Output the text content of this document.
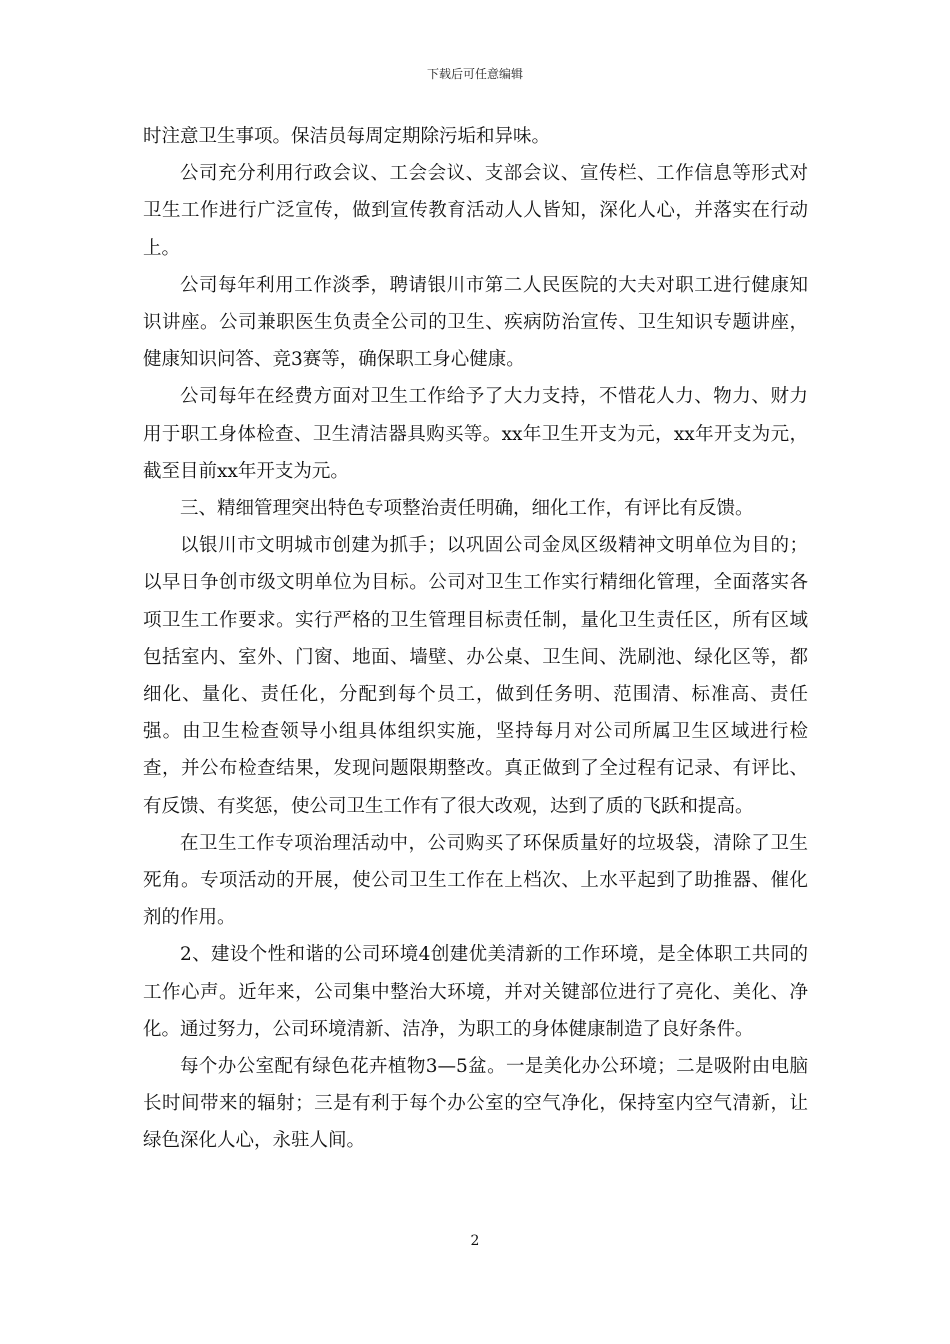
下载后可任意编辑

时注意卫生事项。保洁员每周定期除污垢和异味。

公司充分利用行政会议、工会会议、支部会议、宣传栏、工作信息等形式对卫生工作进行广泛宣传，做到宣传教育活动人人皆知，深化人心，并落实在行动上。

公司每年利用工作淡季，聘请银川市第二人民医院的大夫对职工进行健康知识讲座。公司兼职医生负责全公司的卫生、疾病防治宣传、卫生知识专题讲座，健康知识问答、竞3赛等，确保职工身心健康。

公司每年在经费方面对卫生工作给予了大力支持，不惜花人力、物力、财力用于职工身体检查、卫生清洁器具购买等。xx年卫生开支为元，xx年开支为元，截至目前xx年开支为元。

三、精细管理突出特色专项整治责任明确，细化工作，有评比有反馈。

以银川市文明城市创建为抓手；以巩固公司金凤区级精神文明单位为目的；以早日争创市级文明单位为目标。公司对卫生工作实行精细化管理，全面落实各项卫生工作要求。实行严格的卫生管理目标责任制，量化卫生责任区，所有区域包括室内、室外、门窗、地面、墙壁、办公桌、卫生间、洗刷池、绿化区等，都细化、量化、责任化，分配到每个员工，做到任务明、范围清、标准高、责任强。由卫生检查领导小组具体组织实施，坚持每月对公司所属卫生区域进行检查，并公布检查结果，发现问题限期整改。真正做到了全过程有记录、有评比、有反馈、有奖惩，使公司卫生工作有了很大改观，达到了质的飞跃和提高。

在卫生工作专项治理活动中，公司购买了环保质量好的垃圾袋，清除了卫生死角。专项活动的开展，使公司卫生工作在上档次、上水平起到了助推器、催化剂的作用。

2、建设个性和谐的公司环境4创建优美清新的工作环境，是全体职工共同的工作心声。近年来，公司集中整治大环境，并对关键部位进行了亮化、美化、净化。通过努力，公司环境清新、洁净，为职工的身体健康制造了良好条件。

每个办公室配有绿色花卉植物3—5盆。一是美化办公环境；二是吸附由电脑长时间带来的辐射；三是有利于每个办公室的空气净化，保持室内空气清新，让绿色深化人心，永驻人间。

2
